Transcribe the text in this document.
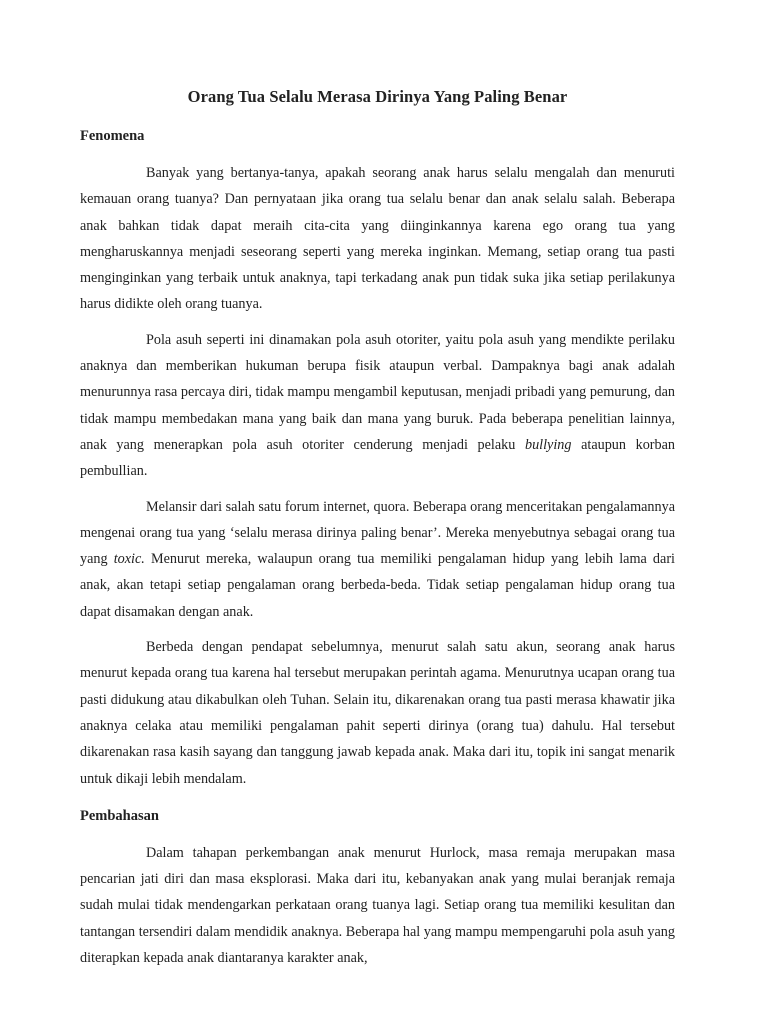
Orang Tua Selalu Merasa Dirinya Yang Paling Benar
Fenomena

Banyak yang bertanya-tanya, apakah seorang anak harus selalu mengalah dan menuruti kemauan orang tuanya? Dan pernyataan jika orang tua selalu benar dan anak selalu salah. Beberapa anak bahkan tidak dapat meraih cita-cita yang diinginkannya karena ego orang tua yang mengharuskannya menjadi seseorang seperti yang mereka inginkan. Memang, setiap orang tua pasti menginginkan yang terbaik untuk anaknya, tapi terkadang anak pun tidak suka jika setiap perilakunya harus didikte oleh orang tuanya.

Pola asuh seperti ini dinamakan pola asuh otoriter, yaitu pola asuh yang mendikte perilaku anaknya dan memberikan hukuman berupa fisik ataupun verbal. Dampaknya bagi anak adalah menurunnya rasa percaya diri, tidak mampu mengambil keputusan, menjadi pribadi yang pemurung, dan tidak mampu membedakan mana yang baik dan mana yang buruk. Pada beberapa penelitian lainnya, anak yang menerapkan pola asuh otoriter cenderung menjadi pelaku bullying ataupun korban pembullian.

Melansir dari salah satu forum internet, quora. Beberapa orang menceritakan pengalamannya mengenai orang tua yang ‘selalu merasa dirinya paling benar’. Mereka menyebutnya sebagai orang tua yang toxic. Menurut mereka, walaupun orang tua memiliki pengalaman hidup yang lebih lama dari anak, akan tetapi setiap pengalaman orang berbeda-beda. Tidak setiap pengalaman hidup orang tua dapat disamakan dengan anak.

Berbeda dengan pendapat sebelumnya, menurut salah satu akun, seorang anak harus menurut kepada orang tua karena hal tersebut merupakan perintah agama. Menurutnya ucapan orang tua pasti didukung atau dikabulkan oleh Tuhan. Selain itu, dikarenakan orang tua pasti merasa khawatir jika anaknya celaka atau memiliki pengalaman pahit seperti dirinya (orang tua) dahulu. Hal tersebut dikarenakan rasa kasih sayang dan tanggung jawab kepada anak. Maka dari itu, topik ini sangat menarik untuk dikaji lebih mendalam.

Pembahasan

Dalam tahapan perkembangan anak menurut Hurlock, masa remaja merupakan masa pencarian jati diri dan masa eksplorasi. Maka dari itu, kebanyakan anak yang mulai beranjak remaja sudah mulai tidak mendengarkan perkataan orang tuanya lagi. Setiap orang tua memiliki kesulitan dan tantangan tersendiri dalam mendidik anaknya. Beberapa hal yang mampu mempengaruhi pola asuh yang diterapkan kepada anak diantaranya karakter anak,
